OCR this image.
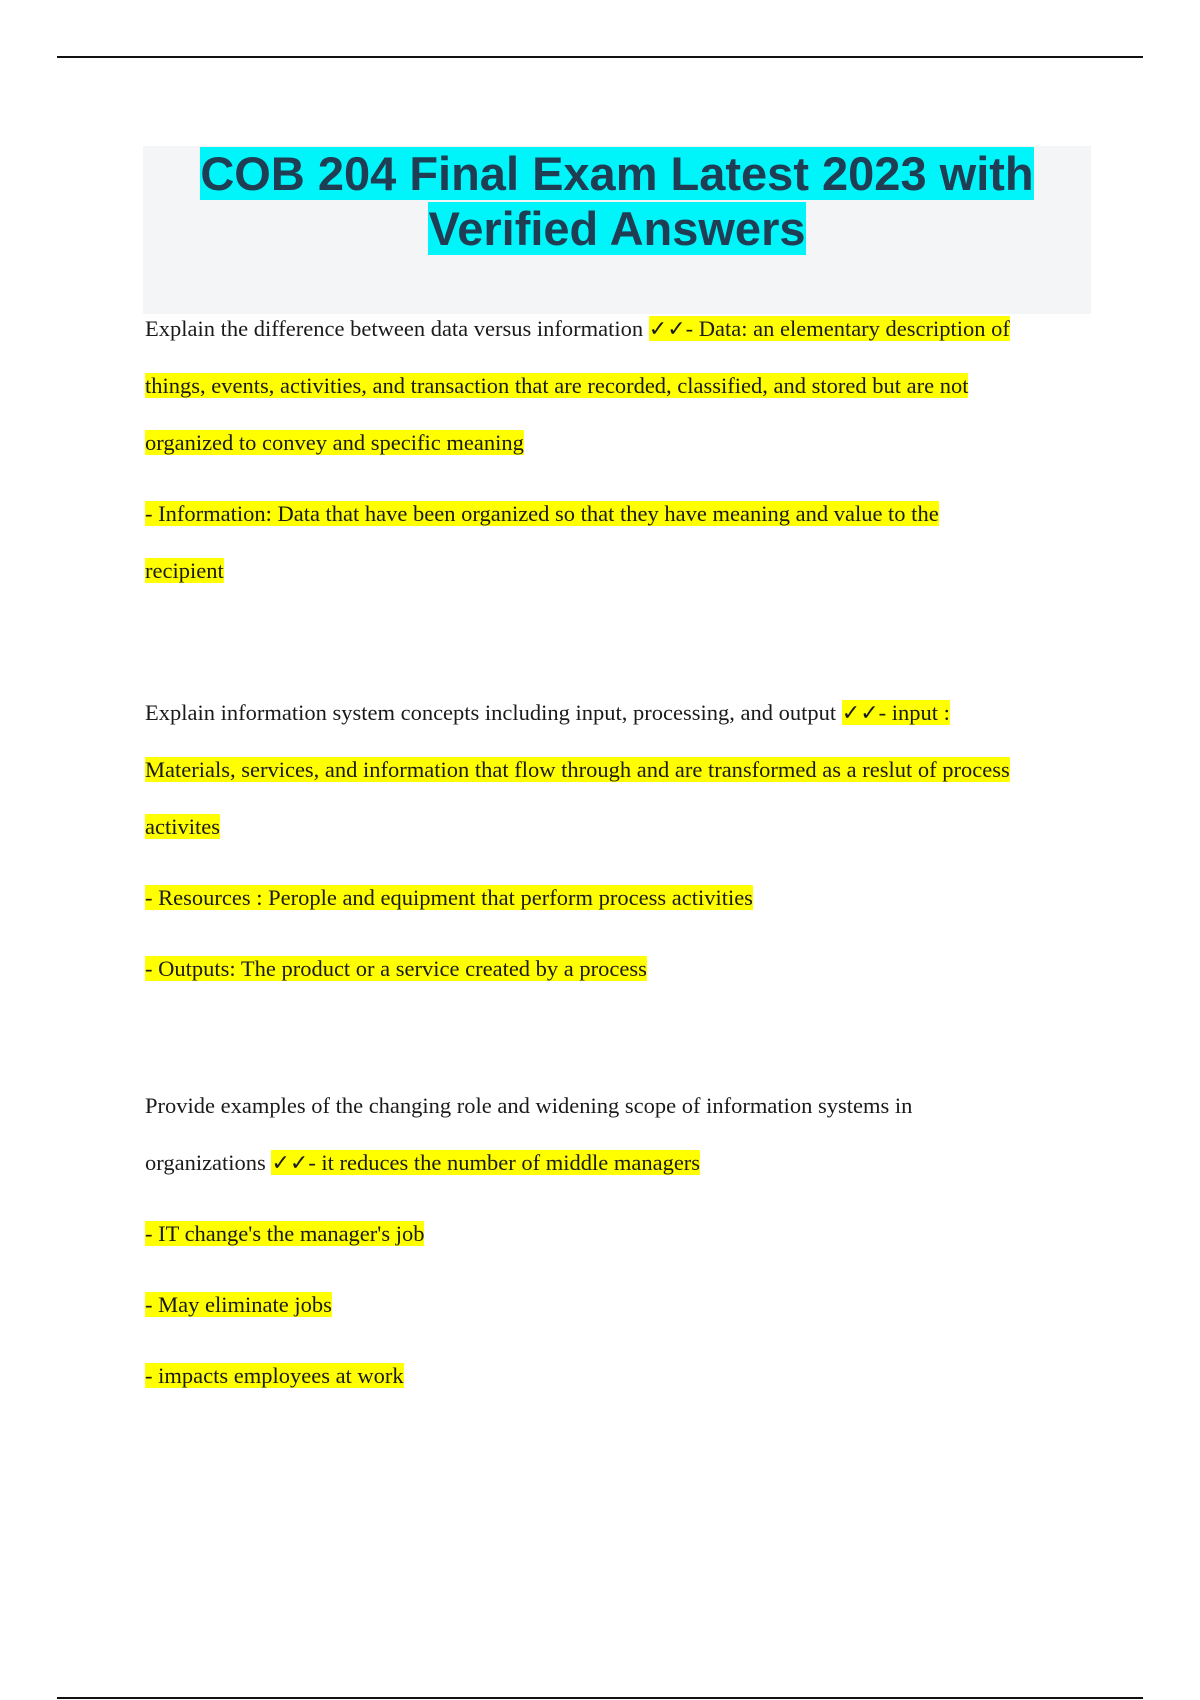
COB 204 Final Exam Latest 2023 with
Verified Answers
Explain the difference between data versus information ✓✓- Data: an elementary description of
things, events, activities, and transaction that are recorded, classified, and stored but are not
organized to convey and specific meaning
- Information: Data that have been organized so that they have meaning and value to the
recipient
Explain information system concepts including input, processing, and output ✓✓- input :
Materials, services, and information that flow through and are transformed as a reslut of process
activites
- Resources : Perople and equipment that perform process activities
- Outputs: The product or a service created by a process
Provide examples of the changing role and widening scope of information systems in
organizations ✓✓- it reduces the number of middle managers
- IT change's the manager's job
- May eliminate jobs
- impacts employees at work
